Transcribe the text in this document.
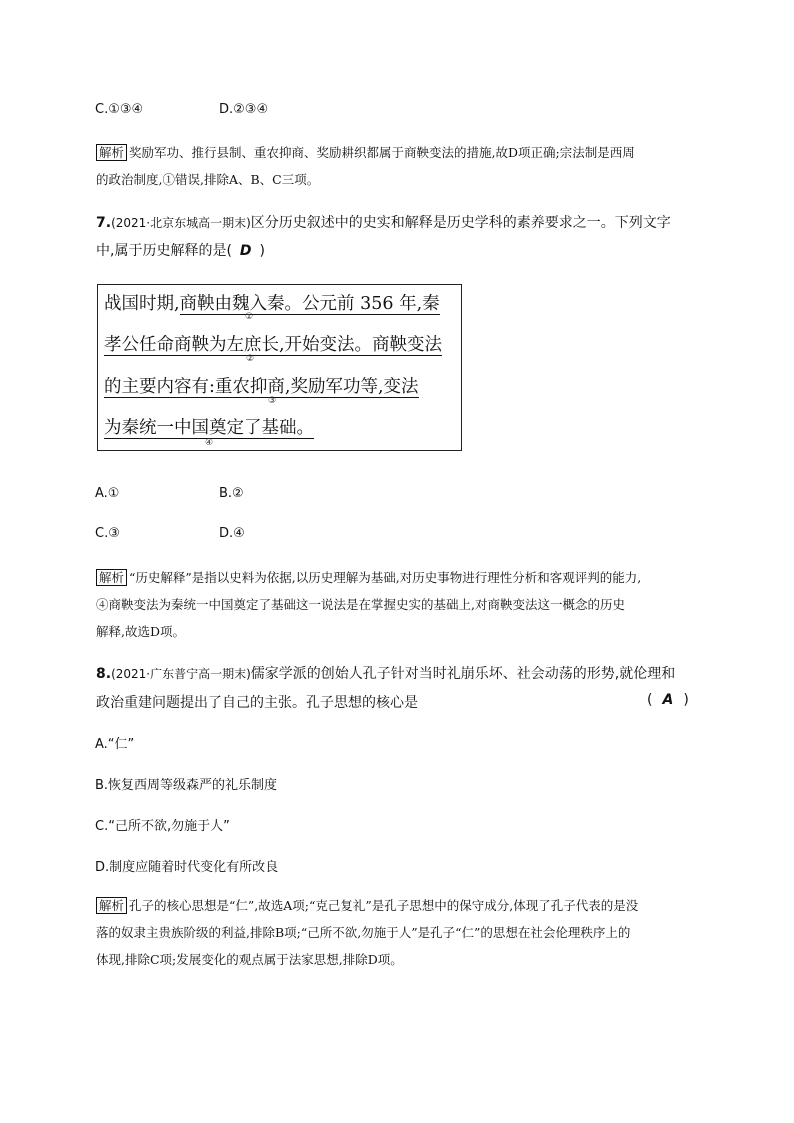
C.①③④	D.②③④
解析 奖励军功、推行县制、重农抑商、奖励耕织都属于商鞅变法的措施,故D项正确;宗法制是西周
的政治制度,①错误,排除A、B、C三项。
7.(2021·北京东城高一期末)区分历史叙述中的史实和解释是历史学科的素养要求之一。下列文字
中,属于历史解释的是( D )
战国时期,商鞅由魏入秦。公元前 356 年,秦
①
孝公任命商鞅为左庶长,开始变法。商鞅变法
②
的主要内容有:重农抑商,奖励军功等,变法
③
为秦统一中国奠定了基础。
④
A.①	B.②
C.③	D.④
解析 “历史解释”是指以史料为依据,以历史理解为基础,对历史事物进行理性分析和客观评判的能力,
④商鞅变法为秦统一中国奠定了基础这一说法是在掌握史实的基础上,对商鞅变法这一概念的历史
解释,故选D项。
8.(2021·广东普宁高一期末)儒家学派的创始人孔子针对当时礼崩乐坏、社会动荡的形势,就伦理和
政治重建问题提出了自己的主张。孔子思想的核心是	( A )
A.“仁”
B.恢复西周等级森严的礼乐制度
C.“己所不欲,勿施于人”
D.制度应随着时代变化有所改良
解析 孔子的核心思想是“仁”,故选A项;“克己复礼”是孔子思想中的保守成分,体现了孔子代表的是没
落的奴隶主贵族阶级的利益,排除B项;“己所不欲,勿施于人”是孔子“仁”的思想在社会伦理秩序上的
体现,排除C项;发展变化的观点属于法家思想,排除D项。
